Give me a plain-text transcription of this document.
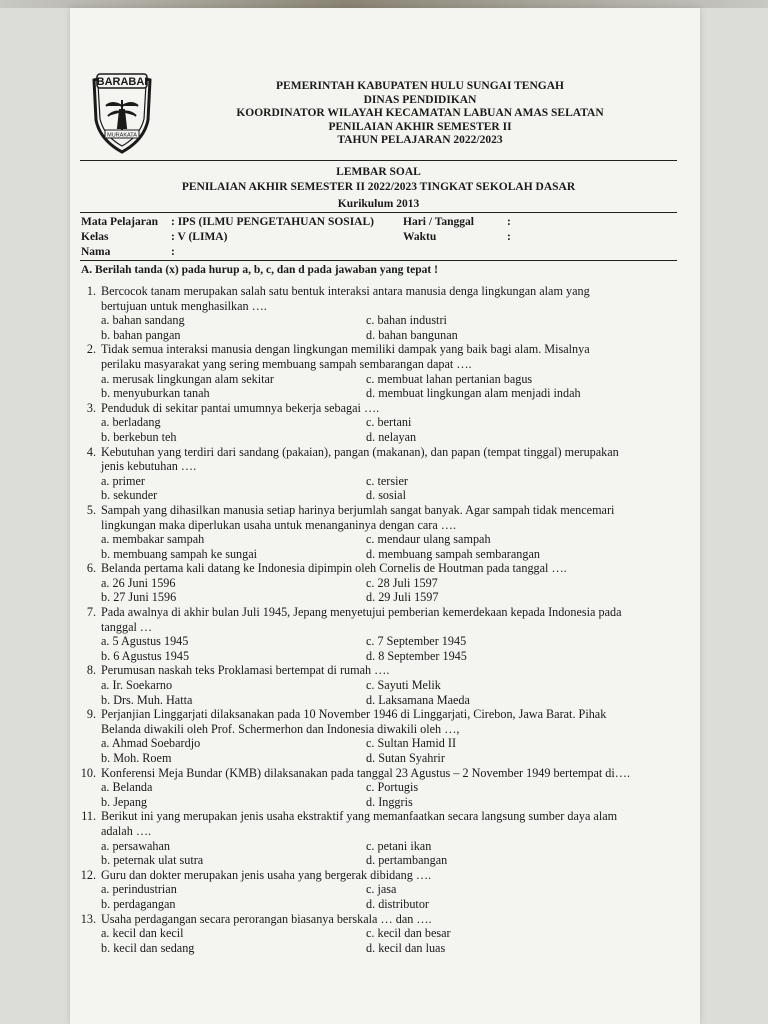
BARABAI
MURAKATA
PEMERINTAH KABUPATEN HULU SUNGAI TENGAH
DINAS PENDIDIKAN
KOORDINATOR WILAYAH KECAMATAN LABUAN AMAS SELATAN
PENILAIAN AKHIR SEMESTER II
TAHUN PELAJARAN 2022/2023
LEMBAR SOAL
PENILAIAN AKHIR SEMESTER II 2022/2023 TINGKAT SEKOLAH DASAR
Kurikulum 2013
Mata Pelajaran : IPS (ILMU PENGETAHUAN SOSIAL)	Hari / Tanggal	:
Kelas	: V (LIMA)	Waktu	:
Nama	:
A. Berilah tanda (x) pada hurup a, b, c, dan d pada jawaban yang tepat !
1. Bercocok tanam merupakan salah satu bentuk interaksi antara manusia denga lingkungan alam yang
bertujuan untuk menghasilkan ….
a. bahan sandang
b. bahan pangan
c. bahan industri
d. bahan bangunan
2. Tidak semua interaksi manusia dengan lingkungan memiliki dampak yang baik bagi alam. Misalnya
perilaku masyarakat yang sering membuang sampah sembarangan dapat ….
a. merusak lingkungan alam sekitar
b. menyuburkan tanah
c. membuat lahan pertanian bagus
d. membuat lingkungan alam menjadi indah
3. Penduduk di sekitar pantai umumnya bekerja sebagai ….
a. berladang
b. berkebun teh
c. bertani
d. nelayan
4. Kebutuhan yang terdiri dari sandang (pakaian), pangan (makanan), dan papan (tempat tinggal) merupakan
jenis kebutuhan ….
a. primer
b. sekunder
c. tersier
d. sosial
5. Sampah yang dihasilkan manusia setiap harinya berjumlah sangat banyak. Agar sampah tidak mencemari
lingkungan maka diperlukan usaha untuk menanganinya dengan cara ….
a. membakar sampah
b. membuang sampah ke sungai
c. mendaur ulang sampah
d. membuang sampah sembarangan
6. Belanda pertama kali datang ke Indonesia dipimpin oleh Cornelis de Houtman pada tanggal ….
a. 26 Juni 1596
b. 27 Juni 1596
c. 28 Juli 1597
d. 29 Juli 1597
7. Pada awalnya di akhir bulan Juli 1945, Jepang menyetujui pemberian kemerdekaan kepada Indonesia pada
tanggal …
a. 5 Agustus 1945
b. 6 Agustus 1945
c. 7 September 1945
d. 8 September 1945
8. Perumusan naskah teks Proklamasi bertempat di rumah ….
a. Ir. Soekarno
b. Drs. Muh. Hatta
c. Sayuti Melik
d. Laksamana Maeda
9. Perjanjian Linggarjati dilaksanakan pada 10 November 1946 di Linggarjati, Cirebon, Jawa Barat. Pihak
Belanda diwakili oleh Prof. Schermerhon dan Indonesia diwakili oleh …,
a. Ahmad Soebardjo
b. Moh. Roem
c. Sultan Hamid II
d. Sutan Syahrir
10. Konferensi Meja Bundar (KMB) dilaksanakan pada tanggal 23 Agustus – 2 November 1949 bertempat di….
a. Belanda
b. Jepang
c. Portugis
d. Inggris
11. Berikut ini yang merupakan jenis usaha ekstraktif yang memanfaatkan secara langsung sumber daya alam
adalah ….
a. persawahan
b. peternak ulat sutra
c. petani ikan
d. pertambangan
12. Guru dan dokter merupakan jenis usaha yang bergerak dibidang ….
a. perindustrian
b. perdagangan
c. jasa
d. distributor
13. Usaha perdagangan secara perorangan biasanya berskala … dan ….
a. kecil dan kecil
b. kecil dan sedang
c. kecil dan besar
d. kecil dan luas
